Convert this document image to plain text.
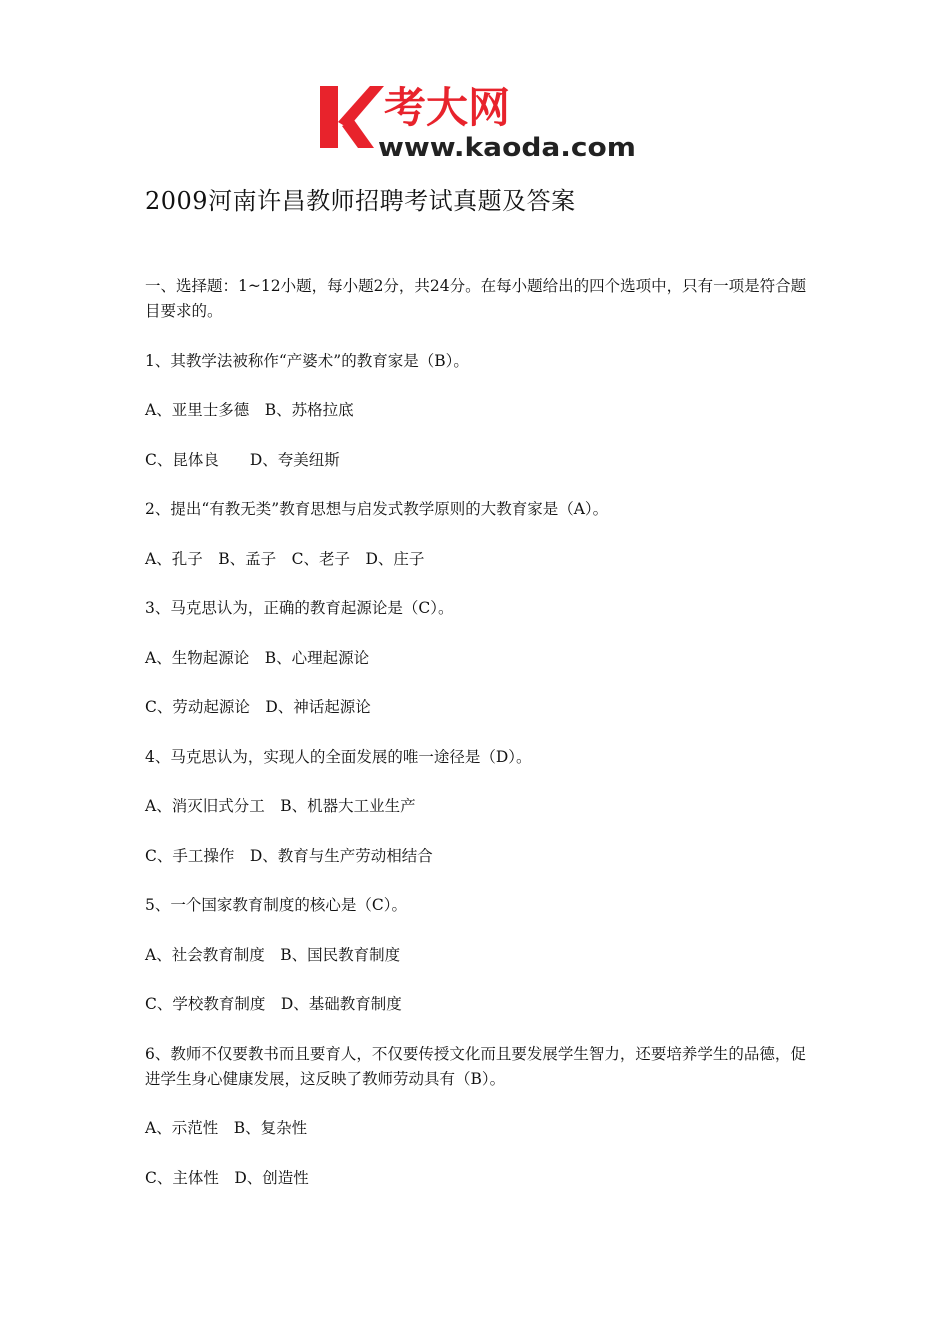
考大网
www.kaoda.com
2009河南许昌教师招聘考试真题及答案

一、选择题：1~12小题，每小题2分，共24分。在每小题给出的四个选项中，只有一项是符合题目要求的。

1、其教学法被称作“产婆术”的教育家是（B）。

A、亚里士多德　B、苏格拉底

C、昆体良　　D、夸美纽斯

2、提出“有教无类”教育思想与启发式教学原则的大教育家是（A）。

A、孔子　B、孟子　C、老子　D、庄子

3、马克思认为，正确的教育起源论是（C）。

A、生物起源论　B、心理起源论

C、劳动起源论　D、神话起源论

4、马克思认为，实现人的全面发展的唯一途径是（D）。

A、消灭旧式分工　B、机器大工业生产

C、手工操作　D、教育与生产劳动相结合

5、一个国家教育制度的核心是（C）。

A、社会教育制度　B、国民教育制度

C、学校教育制度　D、基础教育制度

6、教师不仅要教书而且要育人，不仅要传授文化而且要发展学生智力，还要培养学生的品德，促进学生身心健康发展，这反映了教师劳动具有（B）。

A、示范性　B、复杂性

C、主体性　D、创造性
